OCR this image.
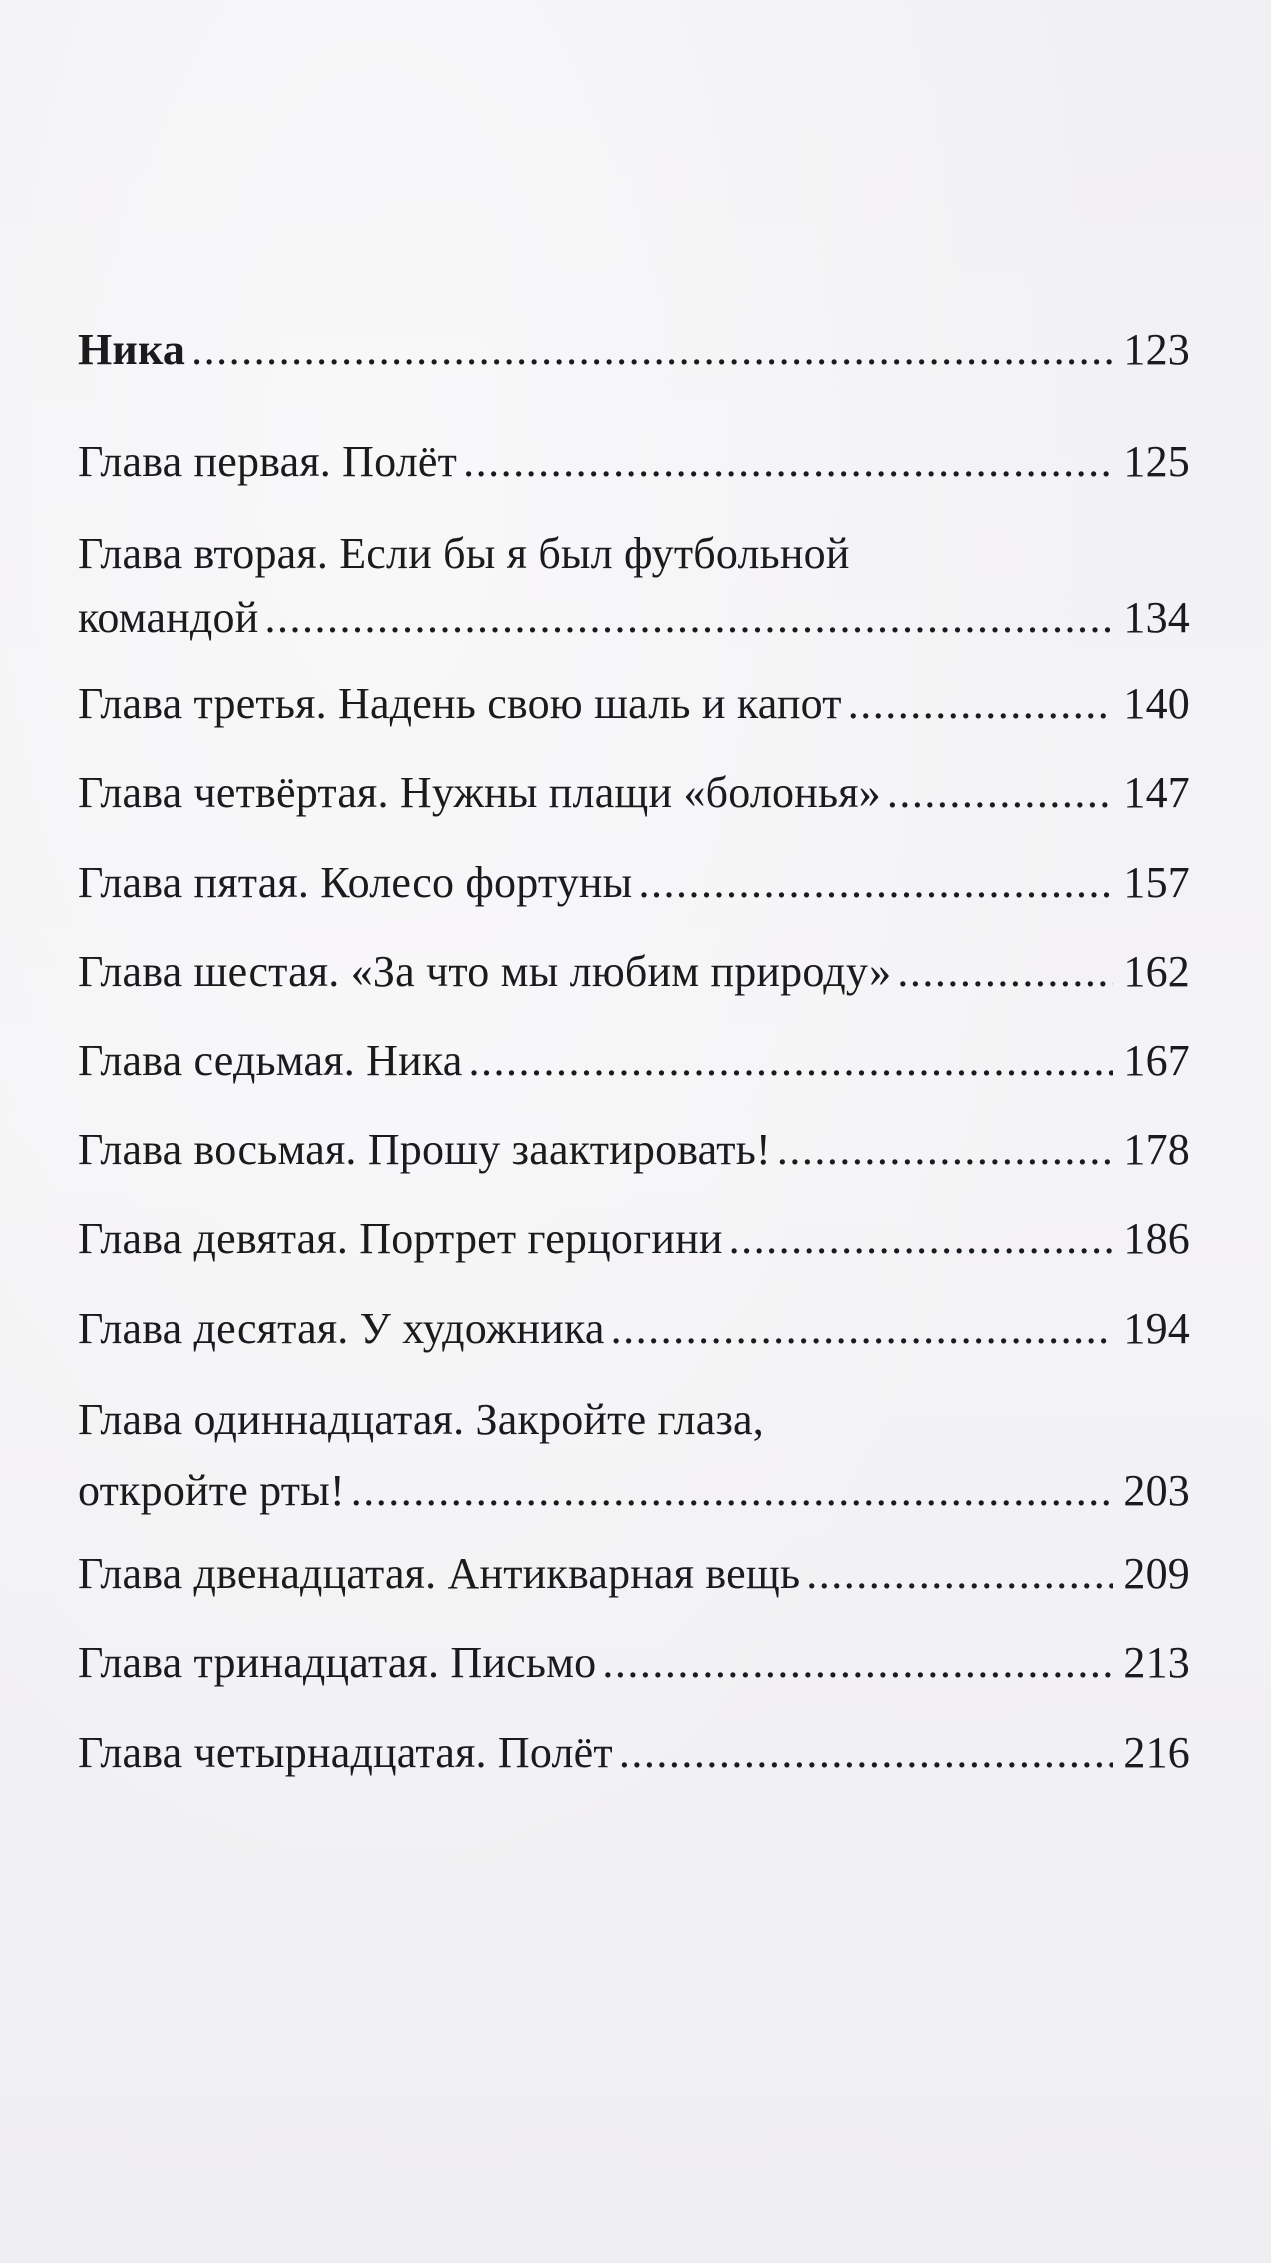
Ника .....	123
Глава первая. Полёт .....	125
Глава вторая. Если бы я был футбольной
командой .....	134
Глава третья. Надень свою шаль и капот .....	140
Глава четвёртая. Нужны плащи «болонья» .....	147
Глава пятая. Колесо фортуны .....	157
Глава шестая. «За что мы любим природу» .....	162
Глава седьмая. Ника .....	167
Глава восьмая. Прошу заактировать! .....	178
Глава девятая. Портрет герцогини .....	186
Глава десятая. У художника .....	194
Глава одиннадцатая. Закройте глаза,
откройте рты! .....	203
Глава двенадцатая. Антикварная вещь .....	209
Глава тринадцатая. Письмо .....	213
Глава четырнадцатая. Полёт .....	216
